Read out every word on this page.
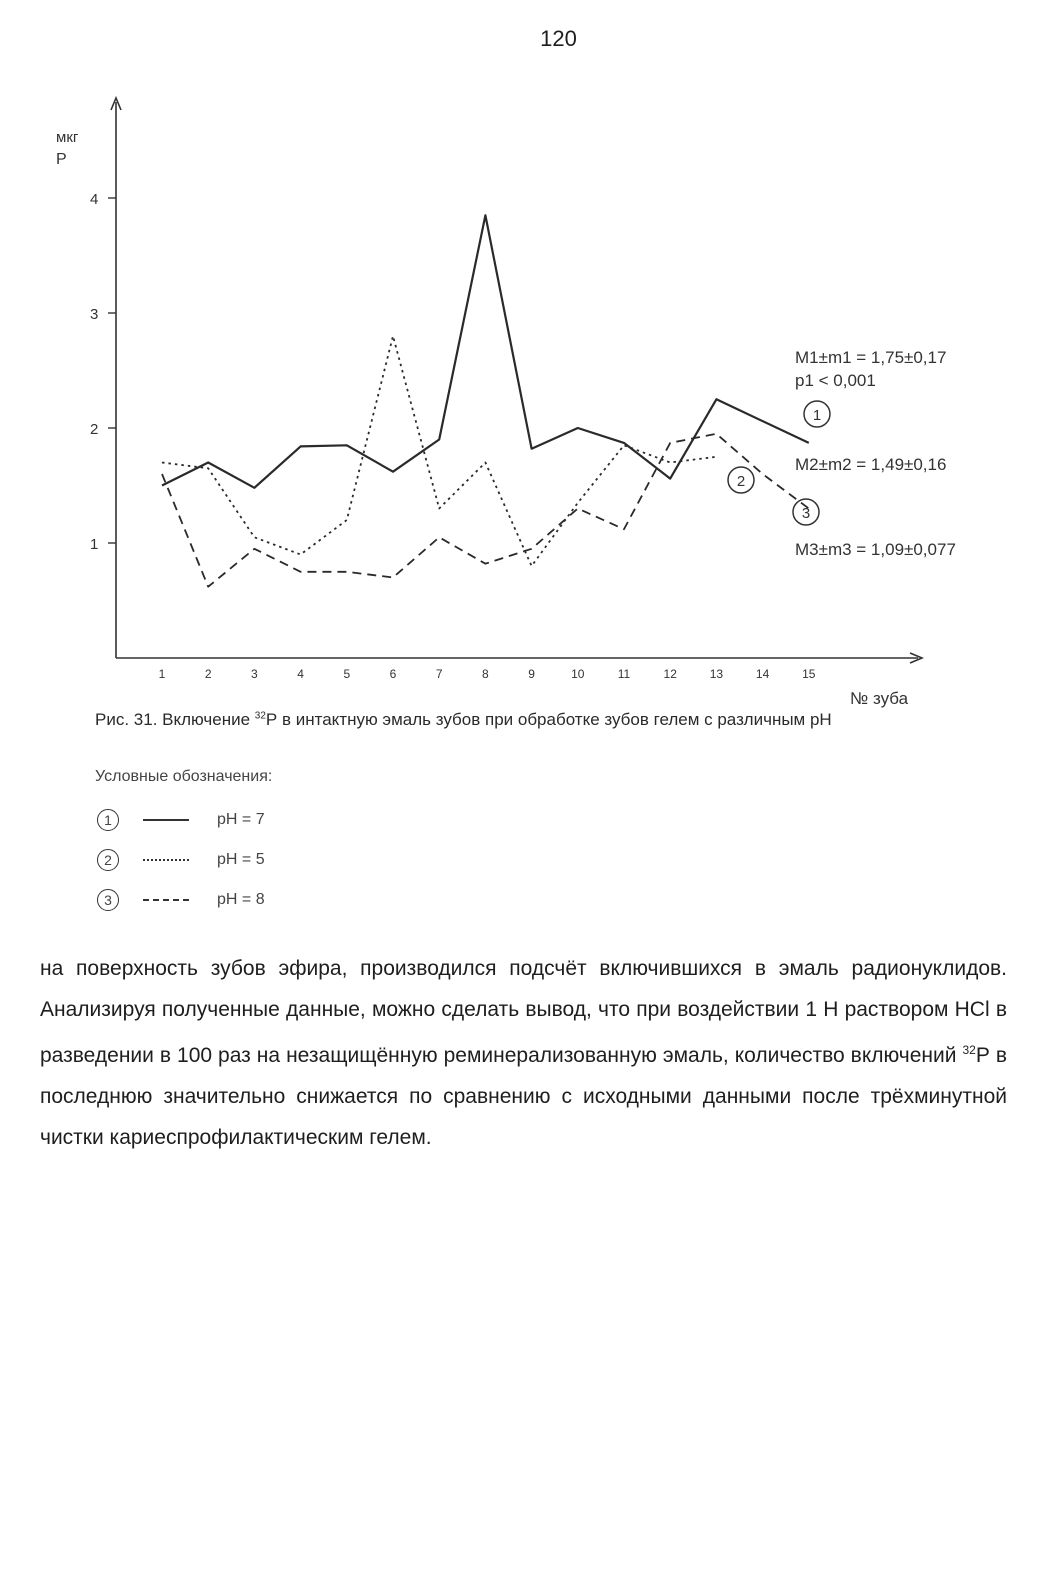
120
мкг
P
1
2
3
4
1	2	3	4	5	6	7	8	9	10	11	12	13	14	15
№ зуба
M1±m1 = 1,75±0,17
p1 < 0,001
1
M2±m2 = 1,49±0,16
2
3
M3±m3 = 1,09±0,077
Рис. 31. Включение $^{32}$Р в интактную эмаль зубов при обработке зубов гелем с различным рН
Условные обозначения:
1	рН = 7
2	рН = 5
3	рН = 8

на поверхность зубов эфира, производился подсчёт включившихся в эмаль радионуклидов. Анализируя полученные данные, можно сделать вывод, что при воздействии 1 Н раствором НСl в разведении в 100 раз на незащищённую реминерализованную эмаль, количество включений $^{32}$Р в последнюю значительно снижается по сравнению с исходными данными после трёхминутной чистки кариеспрофилактическим гелем.
